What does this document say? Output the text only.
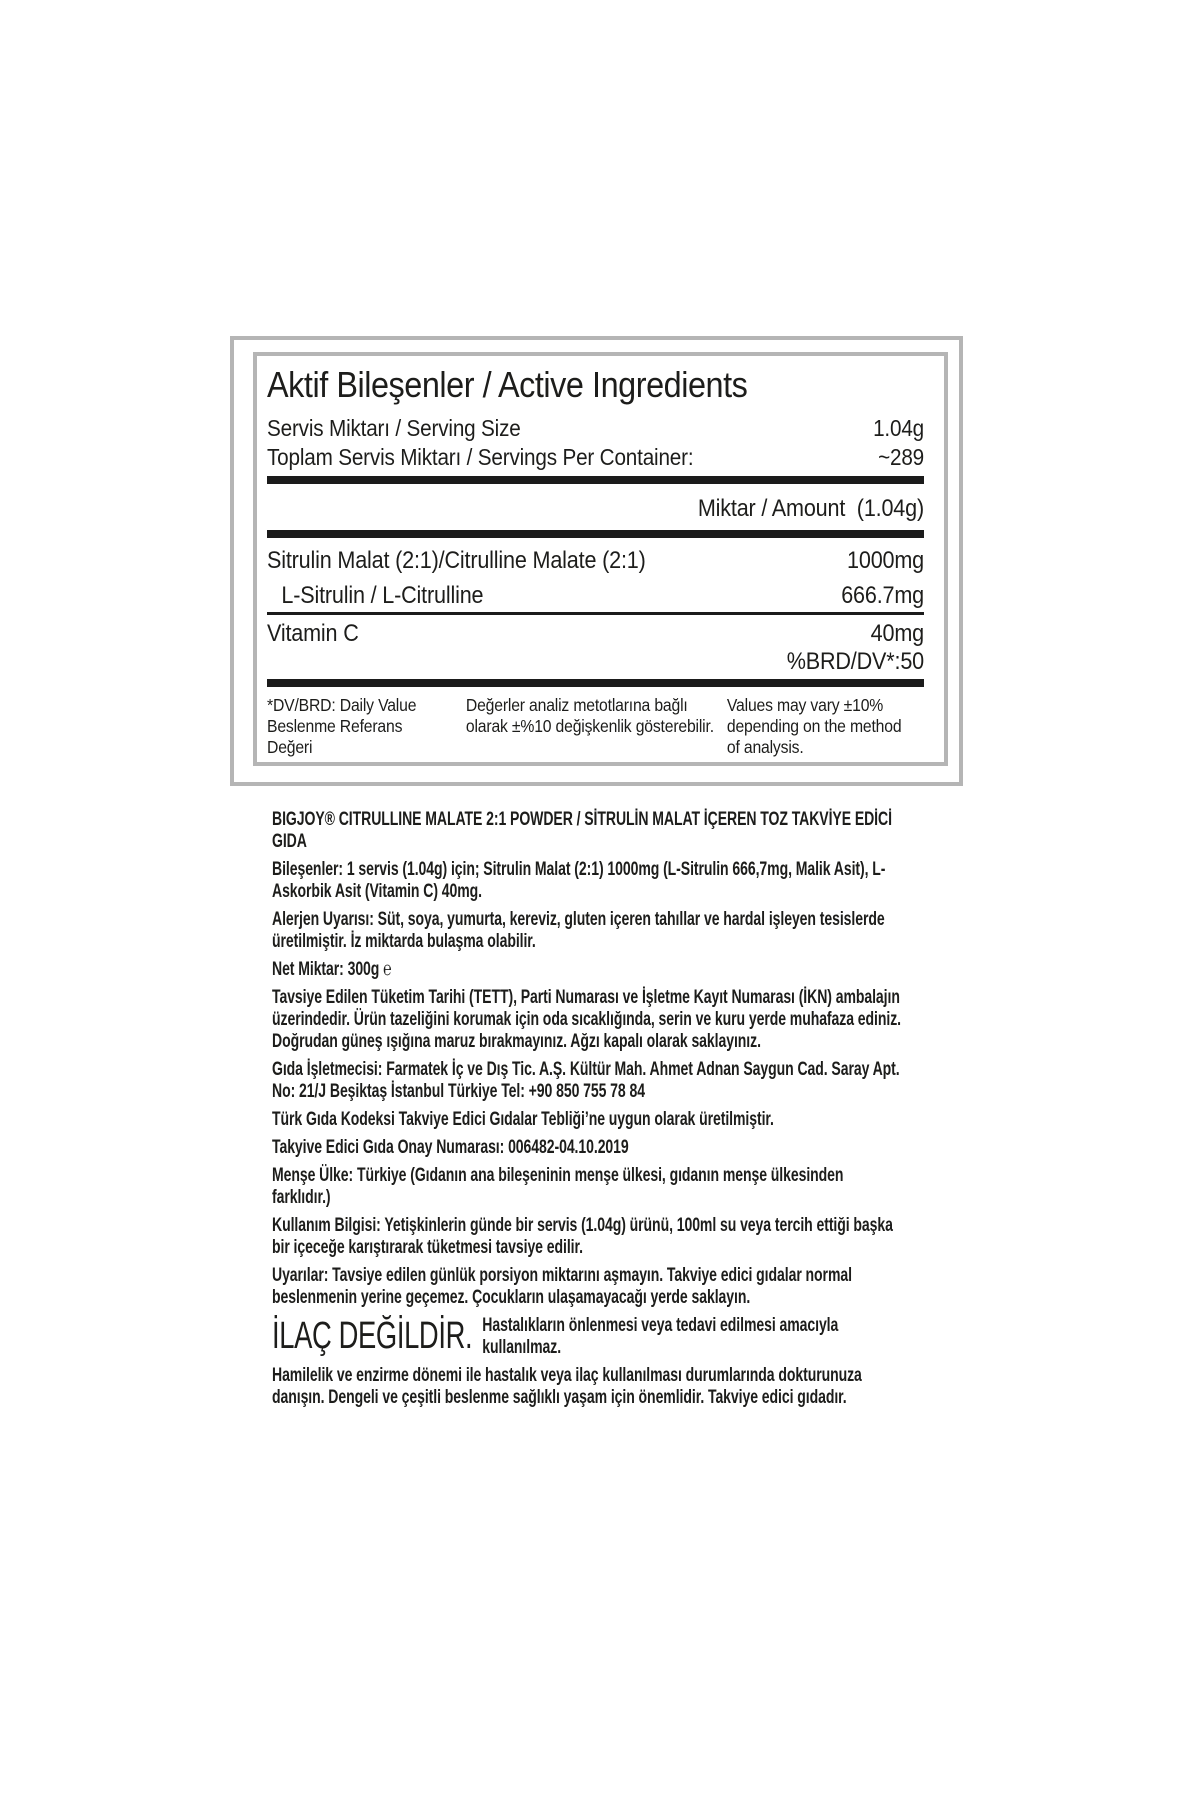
Aktif Bileşenler / Active Ingredients
Servis Miktarı / Serving Size	1.04g
Toplam Servis Miktarı / Servings Per Container:	~289
Miktar / Amount  (1.04g)
Sitrulin Malat (2:1)/Citrulline Malate (2:1)	1000mg
L-Sitrulin / L-Citrulline	666.7mg
Vitamin C	40mg
%BRD/DV*:50
*DV/BRD: Daily Value Beslenme Referans Değeri
Değerler analiz metotlarına bağlı olarak ±%10 değişkenlik gösterebilir.
Values may vary ±10% depending on the method of analysis.

BIGJOY® CITRULLINE MALATE 2:1 POWDER / SİTRULİN MALAT İÇEREN TOZ TAKVİYE EDİCİ GIDA

Bileşenler: 1 servis (1.04g) için; Sitrulin Malat (2:1) 1000mg (L-Sitrulin 666,7mg, Malik Asit), L-Askorbik Asit (Vitamin C) 40mg.

Alerjen Uyarısı: Süt, soya, yumurta, kereviz, gluten içeren tahıllar ve hardal işleyen tesislerde üretilmiştir. İz miktarda bulaşma olabilir.

Net Miktar: 300g ℮

Tavsiye Edilen Tüketim Tarihi (TETT), Parti Numarası ve İşletme Kayıt Numarası (İKN) ambalajın üzerindedir. Ürün tazeliğini korumak için oda sıcaklığında, serin ve kuru yerde muhafaza ediniz. Doğrudan güneş ışığına maruz bırakmayınız. Ağzı kapalı olarak saklayınız.

Gıda İşletmecisi: Farmatek İç ve Dış Tic. A.Ş. Kültür Mah. Ahmet Adnan Saygun Cad. Saray Apt. No: 21/J Beşiktaş İstanbul Türkiye Tel: +90 850 755 78 84

Türk Gıda Kodeksi Takviye Edici Gıdalar Tebliği’ne uygun olarak üretilmiştir.

Takyive Edici Gıda Onay Numarası: 006482-04.10.2019

Menşe Ülke: Türkiye (Gıdanın ana bileşeninin menşe ülkesi, gıdanın menşe ülkesinden farklıdır.)

Kullanım Bilgisi: Yetişkinlerin günde bir servis (1.04g) ürünü, 100ml su veya tercih ettiği başka bir içeceğe karıştırarak tüketmesi tavsiye edilir.

Uyarılar: Tavsiye edilen günlük porsiyon miktarını aşmayın. Takviye edici gıdalar normal beslenmenin yerine geçemez. Çocukların ulaşamayacağı yerde saklayın.

İLAÇ DEĞİLDİR. Hastalıkların önlenmesi veya tedavi edilmesi amacıyla kullanılmaz.

Hamilelik ve enzirme dönemi ile hastalık veya ilaç kullanılması durumlarında dokturunuza danışın. Dengeli ve çeşitli beslenme sağlıklı yaşam için önemlidir. Takviye edici gıdadır.
